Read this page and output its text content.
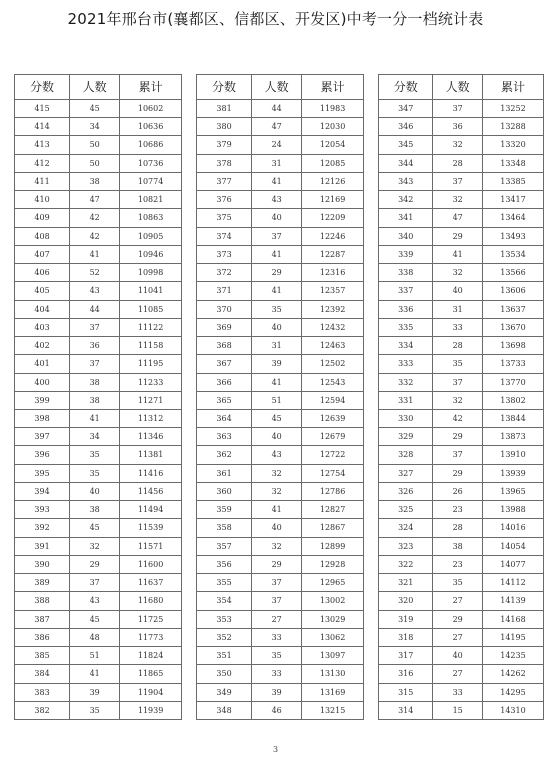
2021年邢台市(襄都区、信都区、开发区)中考一分一档统计表
分数	人数	累计
415	45	10602
414	34	10636
413	50	10686
412	50	10736
411	38	10774
410	47	10821
409	42	10863
408	42	10905
407	41	10946
406	52	10998
405	43	11041
404	44	11085
403	37	11122
402	36	11158
401	37	11195
400	38	11233
399	38	11271
398	41	11312
397	34	11346
396	35	11381
395	35	11416
394	40	11456
393	38	11494
392	45	11539
391	32	11571
390	29	11600
389	37	11637
388	43	11680
387	45	11725
386	48	11773
385	51	11824
384	41	11865
383	39	11904
382	35	11939
分数	人数	累计
381	44	11983
380	47	12030
379	24	12054
378	31	12085
377	41	12126
376	43	12169
375	40	12209
374	37	12246
373	41	12287
372	29	12316
371	41	12357
370	35	12392
369	40	12432
368	31	12463
367	39	12502
366	41	12543
365	51	12594
364	45	12639
363	40	12679
362	43	12722
361	32	12754
360	32	12786
359	41	12827
358	40	12867
357	32	12899
356	29	12928
355	37	12965
354	37	13002
353	27	13029
352	33	13062
351	35	13097
350	33	13130
349	39	13169
348	46	13215
分数	人数	累计
347	37	13252
346	36	13288
345	32	13320
344	28	13348
343	37	13385
342	32	13417
341	47	13464
340	29	13493
339	41	13534
338	32	13566
337	40	13606
336	31	13637
335	33	13670
334	28	13698
333	35	13733
332	37	13770
331	32	13802
330	42	13844
329	29	13873
328	37	13910
327	29	13939
326	26	13965
325	23	13988
324	28	14016
323	38	14054
322	23	14077
321	35	14112
320	27	14139
319	29	14168
318	27	14195
317	40	14235
316	27	14262
315	33	14295
314	15	14310
3
